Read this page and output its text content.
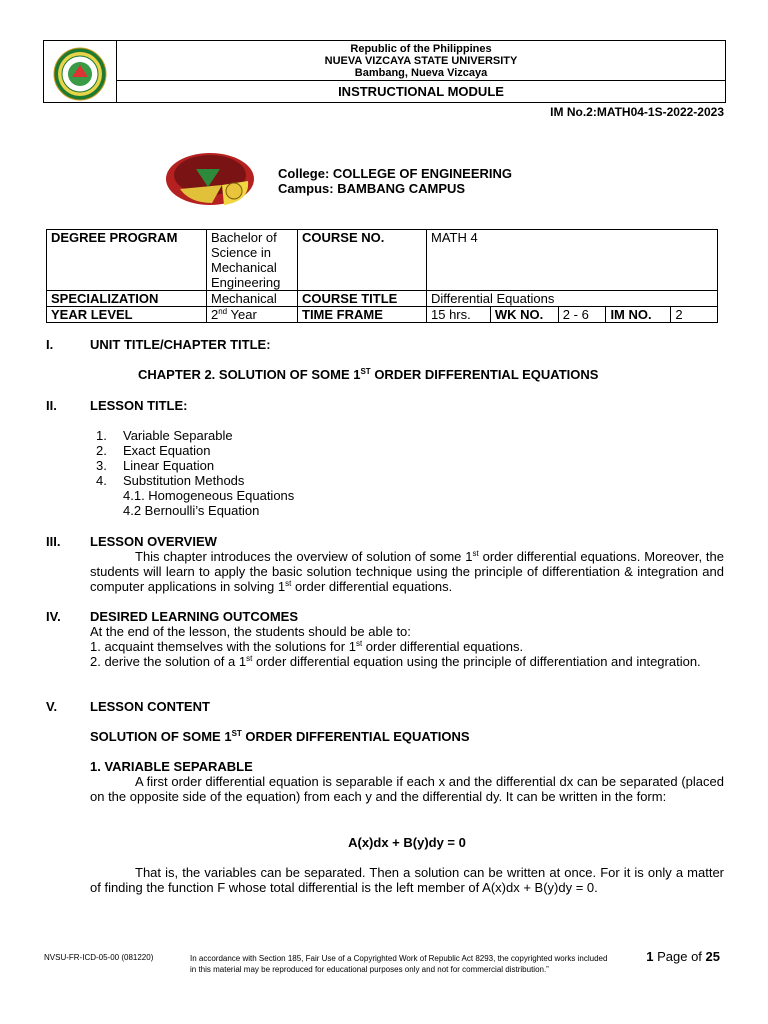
Republic of the Philippines
NUEVA VIZCAYA STATE UNIVERSITY
Bambang, Nueva Vizcaya
INSTRUCTIONAL MODULE
IM No.2:MATH04-1S-2022-2023
College: COLLEGE OF ENGINEERING
Campus: BAMBANG CAMPUS
DEGREE PROGRAM	Bachelor of Science in Mechanical Engineering	COURSE NO.	MATH 4				
SPECIALIZATION	Mechanical	COURSE TITLE	Differential Equations				
YEAR LEVEL	2nd Year	TIME FRAME	15 hrs.	WK NO.	2 - 6	IM NO.	2
I.	UNIT TITLE/CHAPTER TITLE:
CHAPTER 2. SOLUTION OF SOME 1ST ORDER DIFFERENTIAL EQUATIONS
II.	LESSON TITLE:
1. Variable Separable
2. Exact Equation
3. Linear Equation
4. Substitution Methods
4.1. Homogeneous Equations
4.2 Bernoulli’s Equation
III. LESSON OVERVIEW
This chapter introduces the overview of solution of some 1st order differential equations. Moreover, the students will learn to apply the basic solution technique using the principle of differentiation & integration and computer applications in solving 1st order differential equations.
IV. DESIRED LEARNING OUTCOMES
At the end of the lesson, the students should be able to:
1. acquaint themselves with the solutions for 1st order differential equations.
2. derive the solution of a 1st order differential equation using the principle of differentiation and integration.
V.	LESSON CONTENT
SOLUTION OF SOME 1ST ORDER DIFFERENTIAL EQUATIONS
1. VARIABLE SEPARABLE
A first order differential equation is separable if each x and the differential dx can be separated (placed on the opposite side of the equation) from each y and the differential dy. It can be written in the form:
A(x)dx + B(y)dy = 0
That is, the variables can be separated. Then a solution can be written at once. For it is only a matter of finding the function F whose total differential is the left member of A(x)dx + B(y)dy = 0.
NVSU-FR-ICD-05-00 (081220)	In accordance with Section 185, Fair Use of a Copyrighted Work of Republic Act 8293, the copyrighted works included in this material may be reproduced for educational purposes only and not for commercial distribution.”
1 Page of 25
